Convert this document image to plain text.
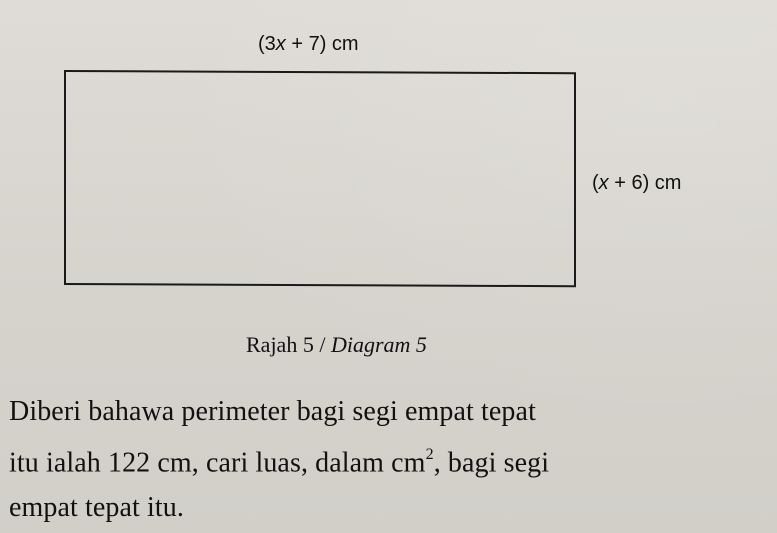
(3x + 7) cm
(x + 6) cm
Rajah 5 / Diagram 5
Diberi bahawa perimeter bagi segi empat tepat
itu ialah 122 cm, cari luas, dalam $cm^2$, bagi segi
empat tepat itu.
